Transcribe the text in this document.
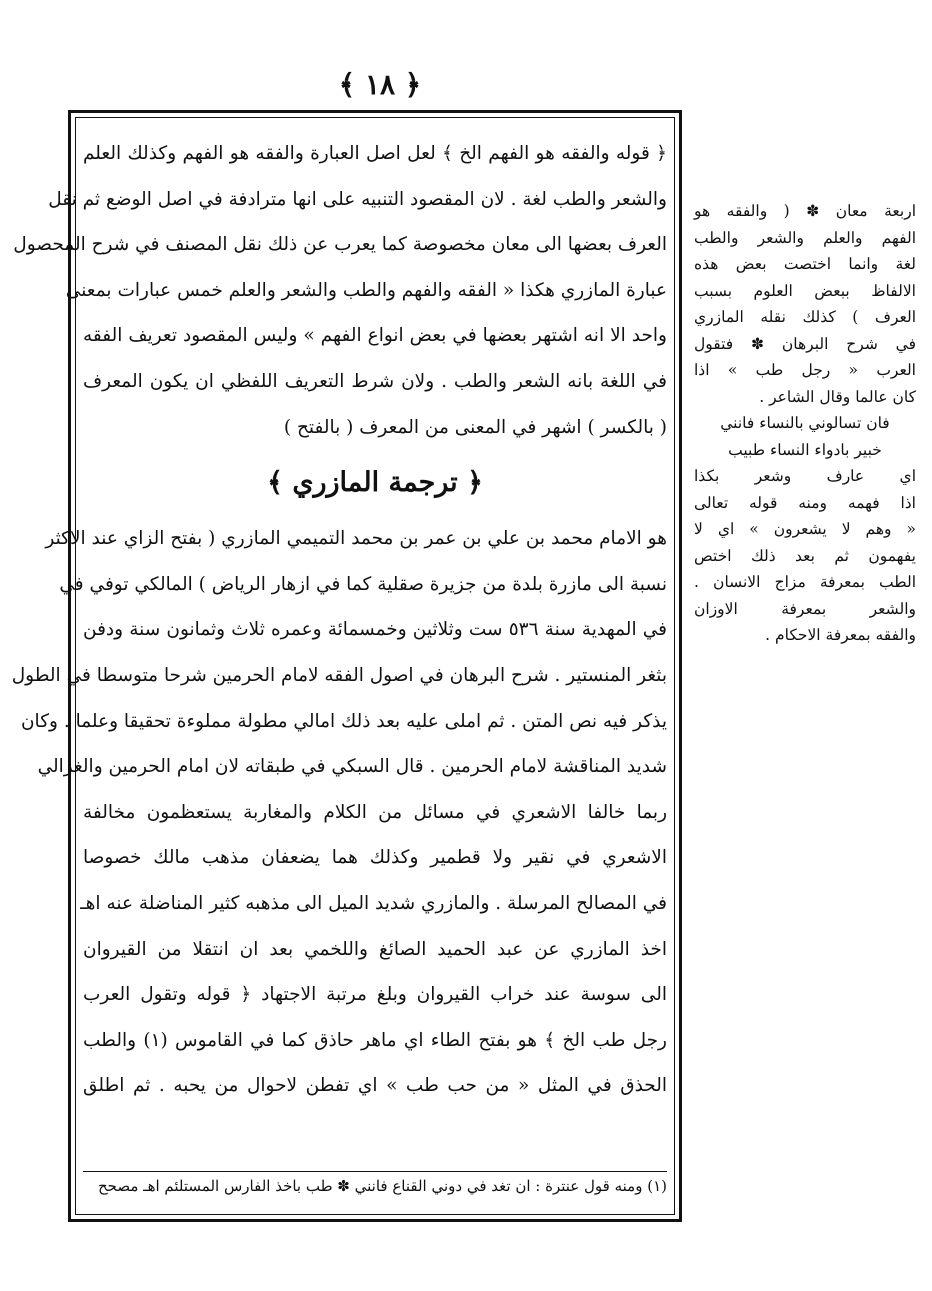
﴿ ١٨ ﴾
﴿ قوله والفقه هو الفهم الخ ﴾ لعل اصل العبارة والفقه هو الفهم وكذلك العلم
والشعر والطب لغة . لان المقصود التنبيه على انها مترادفة في اصل الوضع ثم نقل
العرف بعضها الى معان مخصوصة كما يعرب عن ذلك نقل المصنف في شرح المحصول
عبارة المازري هكذا « الفقه والفهم والطب والشعر والعلم خمس عبارات بمعنى
واحد الا انه اشتهر بعضها في بعض انواع الفهم » وليس المقصود تعريف الفقه
في اللغة بانه الشعر والطب . ولان شرط التعريف اللفظي ان يكون المعرف
( بالكسر ) اشهر في المعنى من المعرف ( بالفتح )
﴿ ترجمة المازري ﴾
هو الامام محمد بن علي بن عمر بن محمد التميمي المازري ( بفتح الزاي عند الاكثر
نسبة الى مازرة بلدة من جزيرة صقلية كما في ازهار الرياض ) المالكي توفي في
في المهدية سنة ٥٣٦ ست وثلاثين وخمسمائة وعمره ثلاث وثمانون سنة ودفن
بثغر المنستير . شرح البرهان في اصول الفقه لامام الحرمين شرحا متوسطا في الطول
يذكر فيه نص المتن . ثم املى عليه بعد ذلك امالي مطولة مملوءة تحقيقا وعلما . وكان
شديد المناقشة لامام الحرمين . قال السبكي في طبقاته لان امام الحرمين والغزالي
ربما خالفا الاشعري في مسائل من الكلام والمغاربة يستعظمون مخالفة
الاشعري في نقير ولا قطمير وكذلك هما يضعفان مذهب مالك خصوصا
في المصالح المرسلة . والمازري شديد الميل الى مذهبه كثير المناضلة عنه اهـ
اخذ المازري عن عبد الحميد الصائغ واللخمي بعد ان انتقلا من القيروان
الى سوسة عند خراب القيروان وبلغ مرتبة الاجتهاد ﴿ قوله وتقول العرب
رجل طب الخ ﴾ هو بفتح الطاء اي ماهر حاذق كما في القاموس (١) والطب
الحذق في المثل « من حب طب » اي تفطن لاحوال من يحبه . ثم اطلق
(١) ومنه قول عنترة : ان تغد في دوني القناع فانني ✽ طب باخذ الفارس المستلئم اهـ مصحح
اربعة معان ✽ ( والفقه هو
الفهم والعلم والشعر والطب
لغة وانما اختصت بعض هذه
الالفاظ ببعض العلوم بسبب
العرف ) كذلك نقله المازري
في شرح البرهان ✽ فتقول
العرب « رجل طب » اذا
كان عالما وقال الشاعر .
فان تسالوني بالنساء فانني
خبير بادواء النساء طبيب
اي عارف وشعر بكذا
اذا فهمه ومنه قوله تعالى
« وهم لا يشعرون » اي لا
يفهمون ثم بعد ذلك اختص
الطب بمعرفة مزاج الانسان .
والشعر بمعرفة الاوزان
والفقه بمعرفة الاحكام .
